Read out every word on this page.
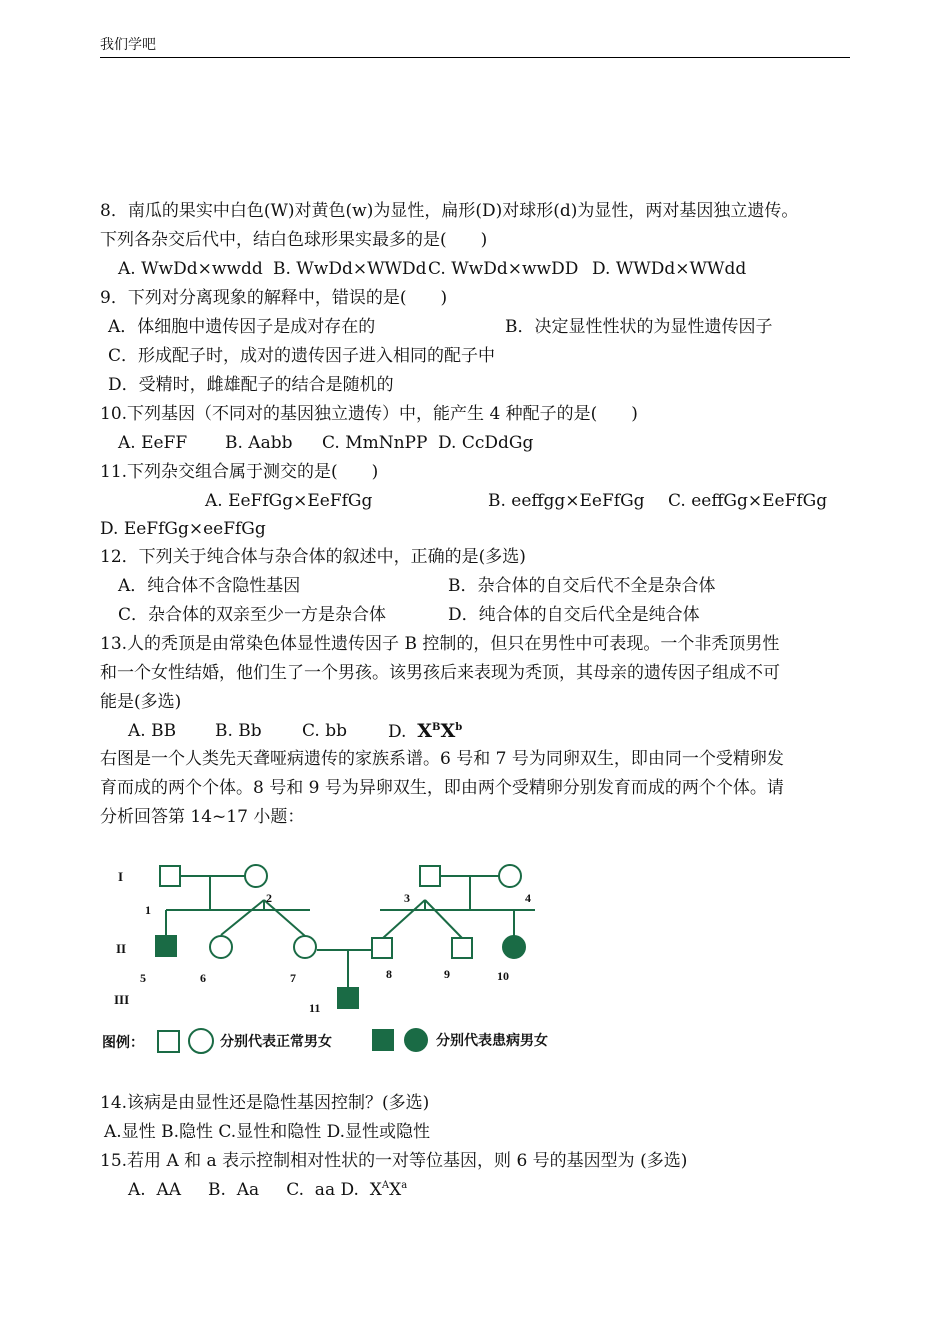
我们学吧
8．南瓜的果实中白色(W)对黄色(w)为显性，扁形(D)对球形(d)为显性，两对基因独立遗传。
下列各杂交后代中，结白色球形果实最多的是(　　)
A. WwDd×wwdd B. WwDd×WWDd C. WwDd×wwDD D. WWDd×WWdd
9．下列对分离现象的解释中，错误的是(　　)
A．体细胞中遗传因子是成对存在的	B．决定显性性状的为显性遗传因子
C．形成配子时，成对的遗传因子进入相同的配子中
D．受精时，雌雄配子的结合是随机的
10.下列基因（不同对的基因独立遗传）中，能产生 4 种配子的是(　　)
A. EeFF B. Aabb C. MmNnPP D. CcDdGg
11.下列杂交组合属于测交的是(　　)
A. EeFfGg×EeFfGg	B. eeffgg×EeFfGg C. eeffGg×EeFfGg
D. EeFfGg×eeFfGg
12．下列关于纯合体与杂合体的叙述中，正确的是(多选)
A．纯合体不含隐性基因	B．杂合体的自交后代不全是杂合体
C．杂合体的双亲至少一方是杂合体	D．纯合体的自交后代全是纯合体
13.人的秃顶是由常染色体显性遗传因子 B 控制的，但只在男性中可表现。一个非秃顶男性
和一个女性结婚，他们生了一个男孩。该男孩后来表现为秃顶，其母亲的遗传因子组成不可
能是(多选)
A. BB B. Bb C. bb D. $X^BX^b$
右图是一个人类先天聋哑病遗传的家族系谱。6 号和 7 号为同卵双生，即由同一个受精卵发
育而成的两个个体。8 号和 9 号为异卵双生，即由两个受精卵分别发育而成的两个个体。请
分析回答第 14~17 小题：
I
II
III
1
2	3	4
5	6	7	8	9	10
11
图例：	分别代表正常男女	分别代表患病男女
14.该病是由显性还是隐性基因控制？(多选)
A.显性 B.隐性 C.显性和隐性 D.显性或隐性
15.若用 A 和 a 表示控制相对性状的一对等位基因，则 6 号的基因型为 (多选)
A.  AA     B.  Aa     C.  aa D. $X^AX^a$
